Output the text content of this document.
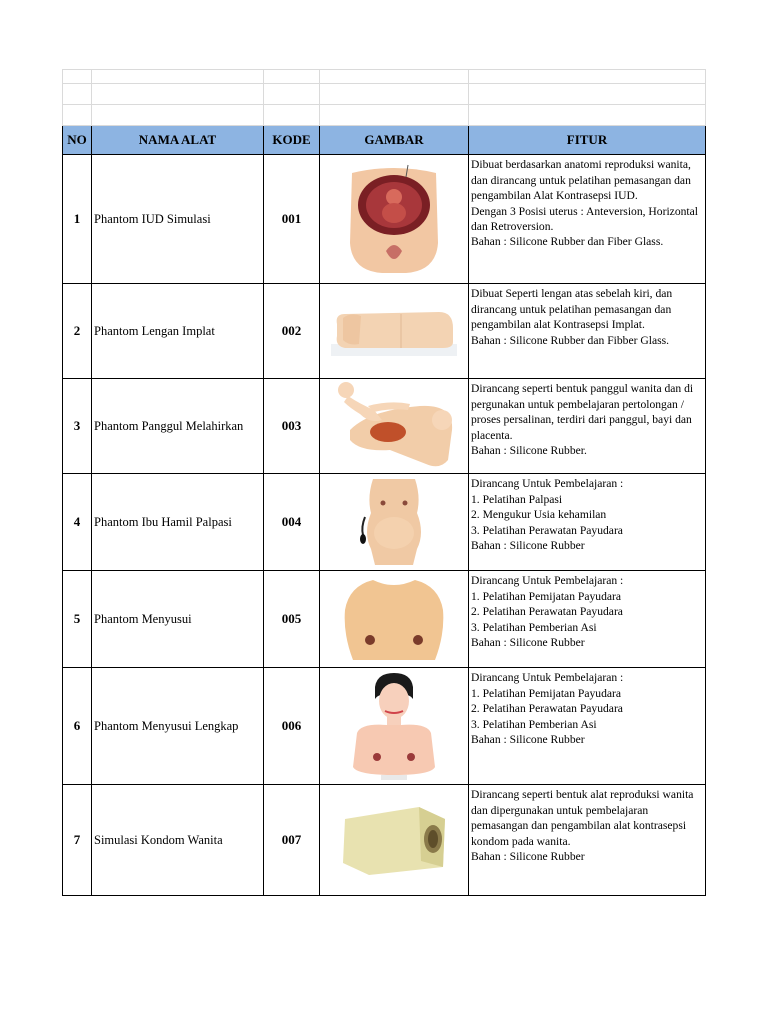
NO	NAMA ALAT	KODE	GAMBAR	FITUR
1	Phantom IUD Simulasi	001		Dibuat berdasarkan anatomi reproduksi wanita, dan dirancang untuk pelatihan pemasangan dan pengambilan Alat Kontrasepsi IUD.
Dengan 3 Posisi uterus : Anteversion, Horizontal dan Retroversion.
Bahan : Silicone Rubber dan Fiber Glass.

2	Phantom Lengan Implat	002		Dibuat Seperti lengan atas sebelah kiri, dan dirancang untuk pelatihan pemasangan dan pengambilan alat Kontrasepsi Implat.
Bahan : Silicone Rubber dan Fibber Glass.

3	Phantom Panggul Melahirkan	003		Dirancang seperti bentuk panggul wanita dan di pergunakan untuk pembelajaran pertolongan / proses persalinan, terdiri dari panggul, bayi dan placenta.
Bahan : Silicone Rubber.

4	Phantom Ibu Hamil Palpasi	004		Dirancang Untuk Pembelajaran :
1. Pelatihan Palpasi
2. Mengukur Usia kehamilan
3. Pelatihan Perawatan Payudara
Bahan : Silicone Rubber

5	Phantom Menyusui	005		Dirancang Untuk Pembelajaran :
1. Pelatihan Pemijatan Payudara
2. Pelatihan Perawatan Payudara
3. Pelatihan Pemberian Asi
Bahan : Silicone Rubber

6	Phantom Menyusui Lengkap	006		Dirancang Untuk Pembelajaran :
1. Pelatihan Pemijatan Payudara
2. Pelatihan Perawatan Payudara
3. Pelatihan Pemberian Asi
Bahan : Silicone Rubber

7	Simulasi Kondom Wanita	007		Dirancang seperti bentuk alat reproduksi wanita dan dipergunakan untuk pembelajaran pemasangan dan pengambilan alat kontrasepsi kondom pada wanita.
Bahan : Silicone Rubber
